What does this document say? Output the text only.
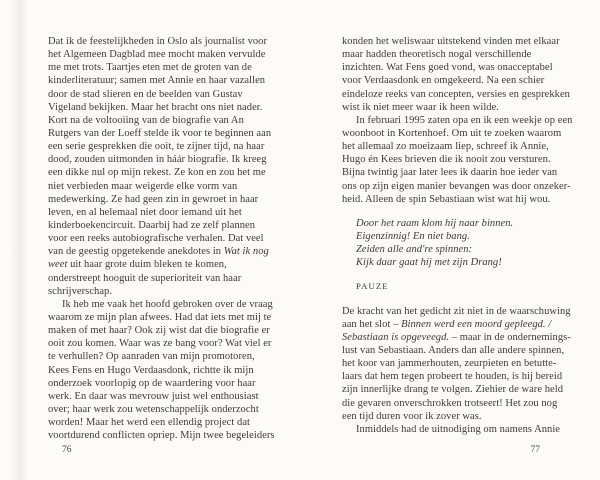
Dat ik de feestelijkheden in Oslo als journalist voor
het Algemeen Dagblad mee mocht maken vervulde
me met trots. Taartjes eten met de groten van de
kinderliteratuur; samen met Annie en haar vazallen
door de stad slieren en de beelden van Gustav
Vigeland bekijken. Maar het bracht ons niet nader.
Kort na de voltooiing van de biografie van An
Rutgers van der Loeff stelde ik voor te beginnen aan
een serie gesprekken die ooit, te zijner tijd, na haar
dood, zouden uitmonden in háár biografie. Ik kreeg
een dikke nul op mijn rekest. Ze kon en zou het me
niet verbieden maar weigerde elke vorm van
medewerking. Ze had geen zin in gewroet in haar
leven, en al helemaal niet door iemand uit het
kinderboekencircuit. Daarbij had ze zelf plannen
voor een reeks autobiografische verhalen. Dat veel
van de geestig opgetekende anekdotes in Wat ik nog
weet uit haar grote duim bleken te komen,
onderstreept hooguit de superioriteit van haar
schrijverschap.
Ik heb me vaak het hoofd gebroken over de vraag
waarom ze mijn plan afwees. Had dat iets met mij te
maken of met haar? Ook zij wist dat die biografie er
ooit zou komen. Waar was ze bang voor? Wat viel er
te verhullen? Op aanraden van mijn promotoren,
Kees Fens en Hugo Verdaasdonk, richtte ik mijn
onderzoek voorlopig op de waardering voor haar
werk. En daar was mevrouw juist wel enthousiast
over; haar werk zou wetenschappelijk onderzocht
worden! Maar het werd een ellendig project dat
voortdurend conflicten opriep. Mijn twee begeleiders
konden het weliswaar uitstekend vinden met elkaar
maar hadden theoretisch nogal verschillende
inzichten. Wat Fens goed vond, was onacceptabel
voor Verdaasdonk en omgekeerd. Na een schier
eindeloze reeks van concepten, versies en gesprekken
wist ik niet meer waar ik heen wilde.
In februari 1995 zaten opa en ik een weekje op een
woonboot in Kortenhoef. Om uit te zoeken waarom
het allemaal zo moeizaam liep, schreef ik Annie,
Hugo én Kees brieven die ik nooit zou versturen.
Bijna twintig jaar later lees ik daarin hoe ieder van
ons op zijn eigen manier bevangen was door onzeker-
heid. Alleen de spin Sebastiaan wist wat hij wou.
Door het raam klom hij naar binnen.
Eigenzinnig! En niet bang.
Zeiden alle and're spinnen:
Kijk daar gaat hij met zijn Drang!
PAUZE
De kracht van het gedicht zit niet in de waarschuwing
aan het slot – Binnen werd een moord gepleegd. /
Sebastiaan is opgeveegd. – maar in de ondernemings-
lust van Sebastiaan. Anders dan alle andere spinnen,
het koor van jammerhouten, zeurpieten en betutte-
laars dat hem tegen probeert te houden, is hij bereid
zijn innerlijke drang te volgen. Ziehier de ware held
die gevaren onverschrokken trotseert! Het zou nog
een tijd duren voor ik zover was.
Inmiddels had de uitnodiging om namens Annie
76	77
